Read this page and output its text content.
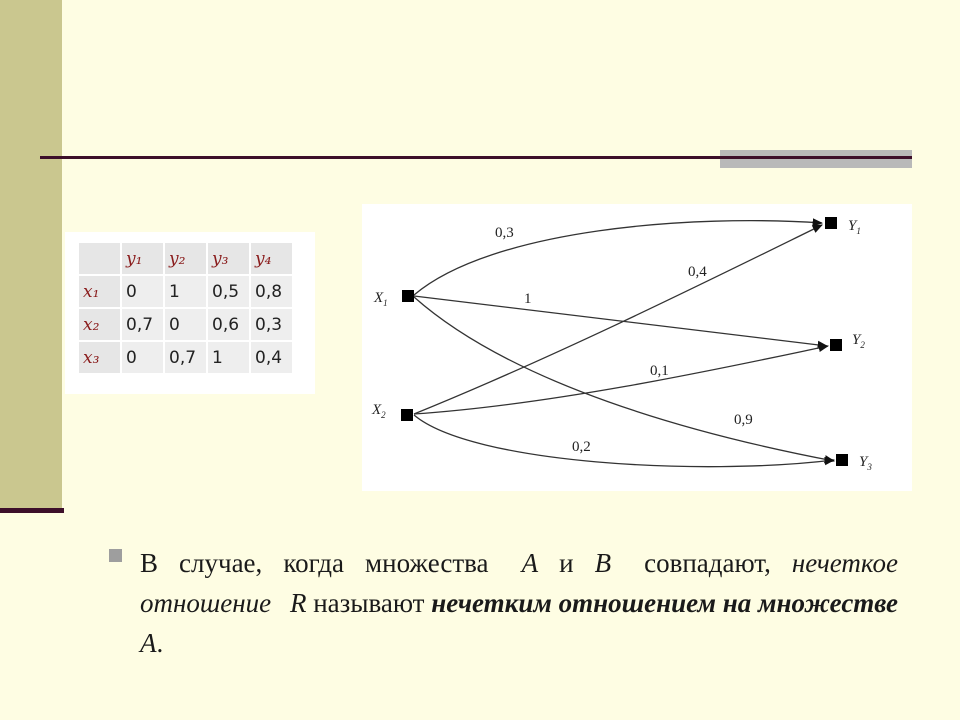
	y₁	y₂	y₃	y₄
x₁	0	1	0,5	0,8
x₂	0,7	0	0,6	0,3
x₃	0	0,7	1	0,4
$X_1$
$X_2$
$Y_1$
$Y_2$
$Y_3$
0,3
0,4
1
0,1
0,9
0,2
В случае, когда множества A и B совпадают, нечеткое отношение R называют нечетким отношением на множестве A.
